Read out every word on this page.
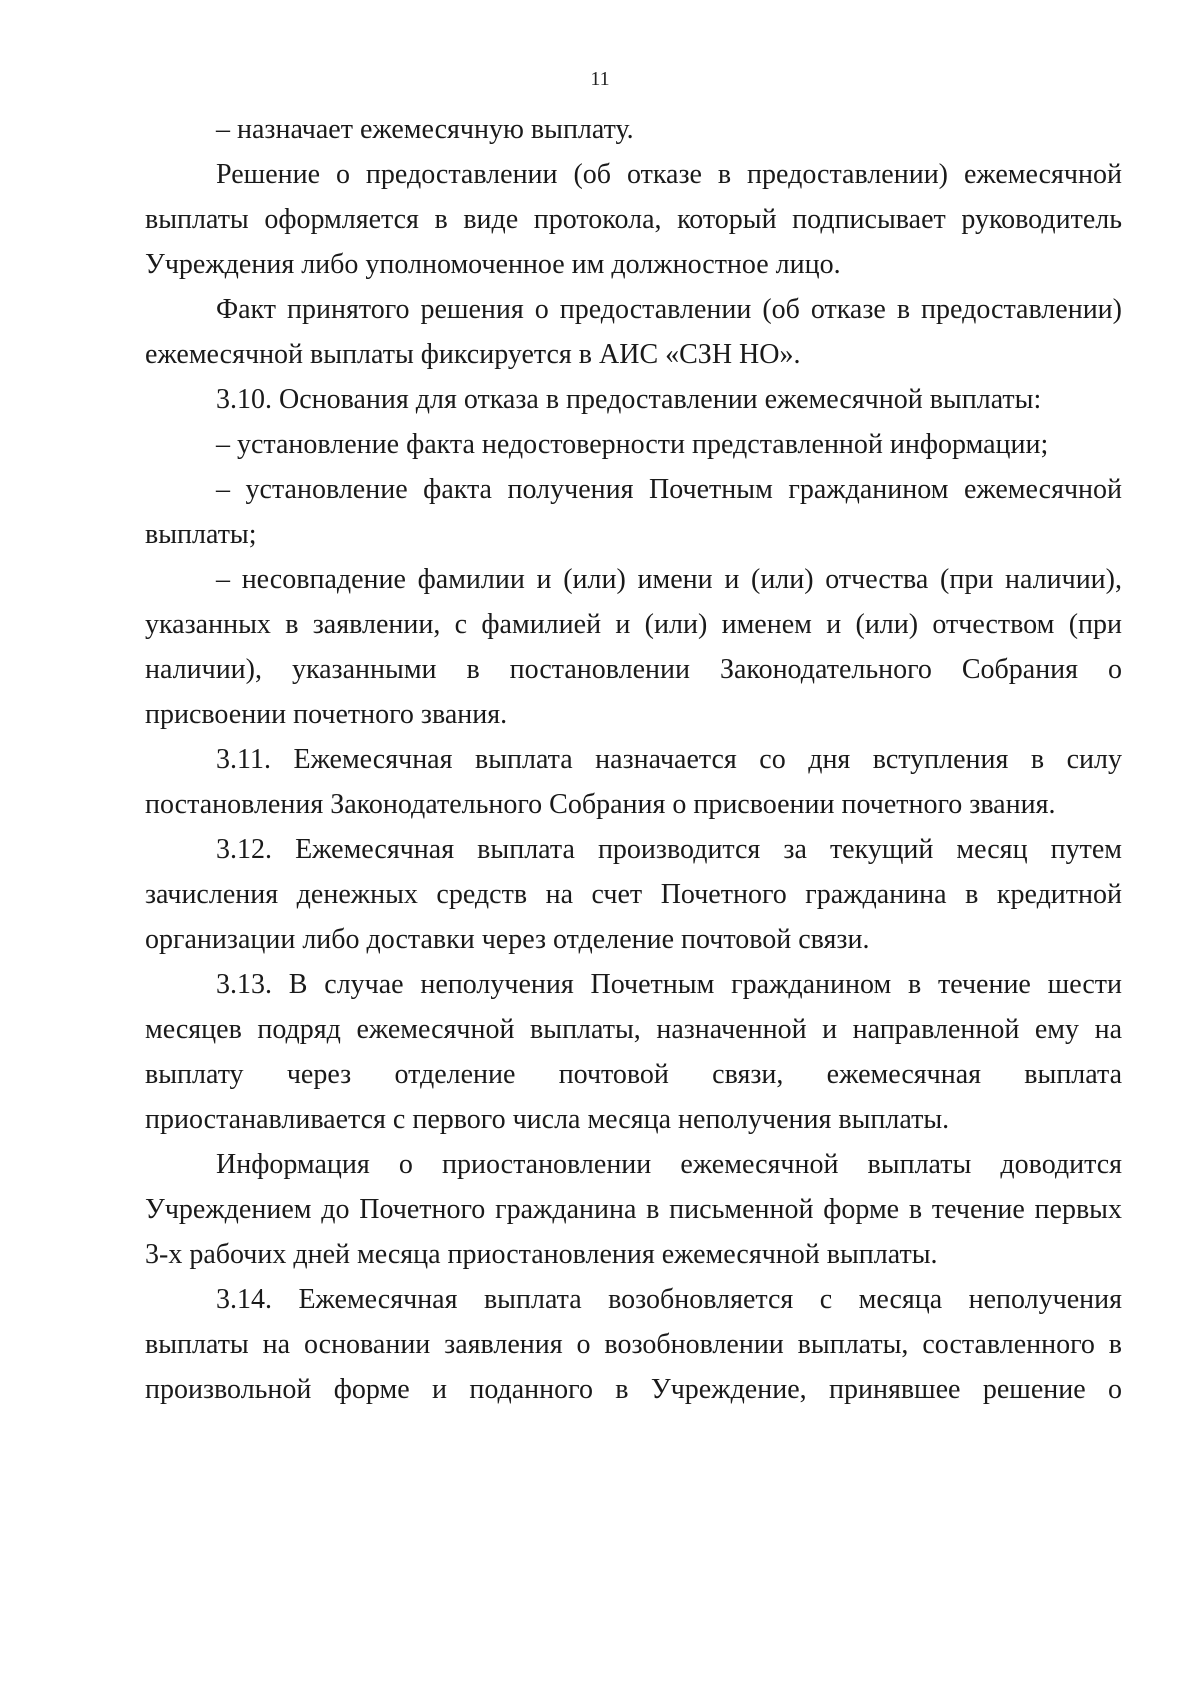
11
– назначает ежемесячную выплату.
Решение о предоставлении (об отказе в предоставлении) ежемесячной
выплаты оформляется в виде протокола, который подписывает руководитель
Учреждения либо уполномоченное им должностное лицо.
Факт принятого решения о предоставлении (об отказе в предоставлении)
ежемесячной выплаты фиксируется в АИС «СЗН НО».
3.10. Основания для отказа в предоставлении ежемесячной выплаты:
– установление факта недостоверности представленной информации;
– установление факта получения Почетным гражданином ежемесячной
выплаты;
– несовпадение фамилии и (или) имени и (или) отчества (при наличии),
указанных в заявлении, с фамилией и (или) именем и (или) отчеством (при
наличии), указанными в постановлении Законодательного Собрания о
присвоении почетного звания.
3.11. Ежемесячная выплата назначается со дня вступления в силу
постановления Законодательного Собрания о присвоении почетного звания.
3.12. Ежемесячная выплата производится за текущий месяц путем
зачисления денежных средств на счет Почетного гражданина в кредитной
организации либо доставки через отделение почтовой связи.
3.13. В случае неполучения Почетным гражданином в течение шести
месяцев подряд ежемесячной выплаты, назначенной и направленной ему на
выплату через отделение почтовой связи, ежемесячная выплата
приостанавливается с первого числа месяца неполучения выплаты.
Информация о приостановлении ежемесячной выплаты доводится
Учреждением до Почетного гражданина в письменной форме в течение первых
3-х рабочих дней месяца приостановления ежемесячной выплаты.
3.14. Ежемесячная выплата возобновляется с месяца неполучения
выплаты на основании заявления о возобновлении выплаты, составленного в
произвольной форме и поданного в Учреждение, принявшее решение о
